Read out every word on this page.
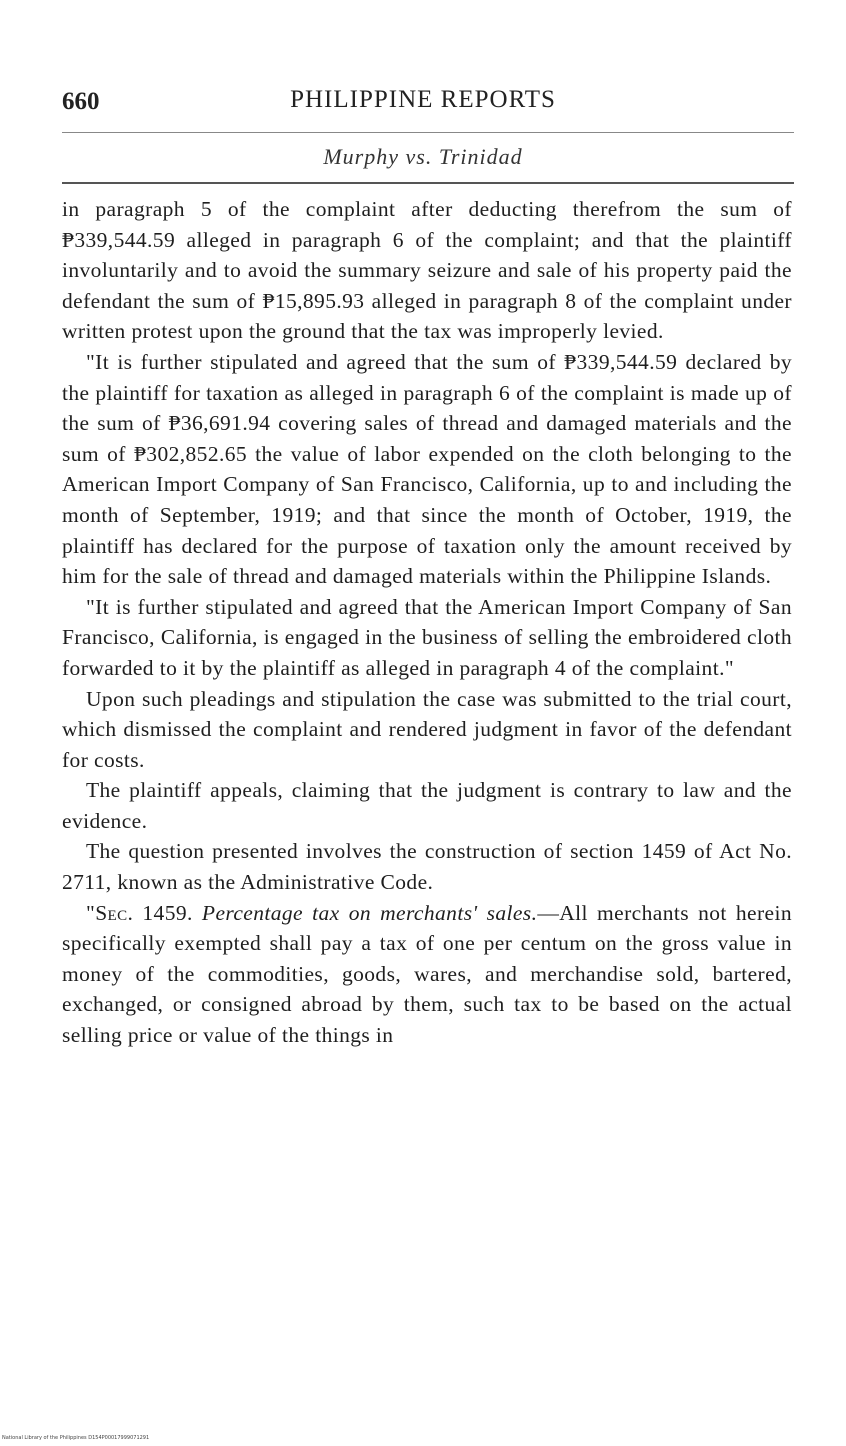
660	PHILIPPINE REPORTS
Murphy vs. Trinidad

in paragraph 5 of the complaint after deducting therefrom the sum of ₱339,544.59 alleged in paragraph 6 of the complaint; and that the plaintiff involuntarily and to avoid the summary seizure and sale of his property paid the defendant the sum of ₱15,895.93 alleged in paragraph 8 of the complaint under written protest upon the ground that the tax was improperly levied.

"It is further stipulated and agreed that the sum of ₱339,544.59 declared by the plaintiff for taxation as alleged in paragraph 6 of the complaint is made up of the sum of ₱36,691.94 covering sales of thread and damaged materials and the sum of ₱302,852.65 the value of labor expended on the cloth belonging to the American Import Company of San Francisco, California, up to and including the month of September, 1919; and that since the month of October, 1919, the plaintiff has declared for the purpose of taxation only the amount received by him for the sale of thread and damaged materials within the Philippine Islands.

"It is further stipulated and agreed that the American Import Company of San Francisco, California, is engaged in the business of selling the embroidered cloth forwarded to it by the plaintiff as alleged in paragraph 4 of the complaint."

Upon such pleadings and stipulation the case was submitted to the trial court, which dismissed the complaint and rendered judgment in favor of the defendant for costs.

The plaintiff appeals, claiming that the judgment is contrary to law and the evidence.

The question presented involves the construction of section 1459 of Act No. 2711, known as the Administrative Code.

"Sec. 1459. Percentage tax on merchants' sales.—All merchants not herein specifically exempted shall pay a tax of one per centum on the gross value in money of the commodities, goods, wares, and merchandise sold, bartered, exchanged, or consigned abroad by them, such tax to be based on the actual selling price or value of the things in

National Library of the Philippines D154P00017999071291
